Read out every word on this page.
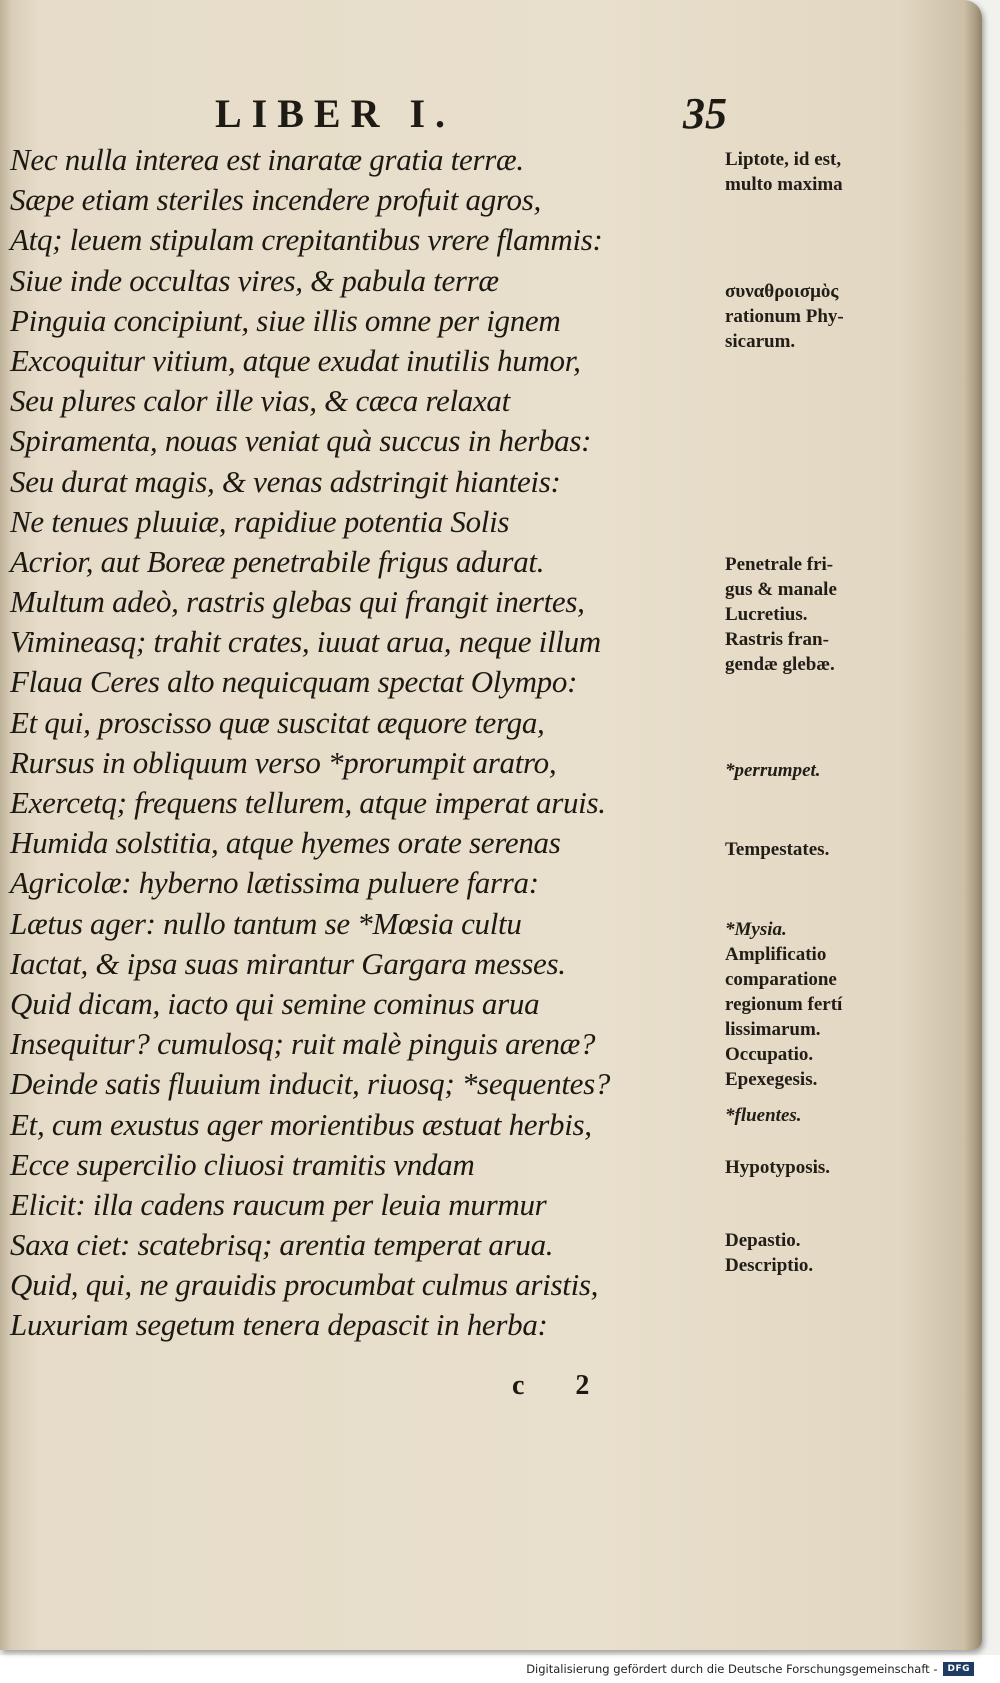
LIBER I.	35
Nec nulla interea est inaratæ gratia terræ.
Sæpe etiam steriles incendere profuit agros,
Atq; leuem stipulam crepitantibus vrere flammis:
Siue inde occultas vires, & pabula terræ
Pinguia concipiunt, siue illis omne per ignem
Excoquitur vitium, atque exudat inutilis humor,
Seu plures calor ille vias, & cæca relaxat
Spiramenta, nouas veniat quà succus in herbas:
Seu durat magis, & venas adstringit hianteis:
Ne tenues pluuiæ, rapidiue potentia Solis
Acrior, aut Boreæ penetrabile frigus adurat.
Multum adeò, rastris glebas qui frangit inertes,
Vimineasq; trahit crates, iuuat arua, neque illum
Flaua Ceres alto nequicquam spectat Olympo:
Et qui, proscisso quæ suscitat æquore terga,
Rursus in obliquum verso *prorumpit aratro,
Exercetq; frequens tellurem, atque imperat aruis.
Humida solstitia, atque hyemes orate serenas
Agricolæ: hyberno lætissima puluere farra:
Lætus ager: nullo tantum se *Mœsia cultu
Iactat, & ipsa suas mirantur Gargara messes.
Quid dicam, iacto qui semine cominus arua
Insequitur? cumulosq; ruit malè pinguis arenæ?
Deinde satis fluuium inducit, riuosq; *sequentes?
Et, cum exustus ager morientibus æstuat herbis,
Ecce supercilio cliuosi tramitis vndam
Elicit: illa cadens raucum per leuia murmur
Saxa ciet: scatebrisq; arentia temperat arua.
Quid, qui, ne grauidis procumbat culmus aristis,
Luxuriam segetum tenera depascit in herba:
Liptote, id est,
multo maxima
συναθροισμὸς
rationum Phy-
sicarum.
Penetrale fri-
gus & manale
Lucretius.
Rastris fran-
gendæ glebæ.
*perrumpet.
Tempestates.
*Mysia.
Amplificatio
comparatione
regionum fertí
lissimarum.
Occupatio.
Epexegesis.
*fluentes.
Hypotyposis.
Depastio.
Descriptio.
c 2
Digitalisierung gefördert durch die Deutsche Forschungsgemeinschaft -	DFG
